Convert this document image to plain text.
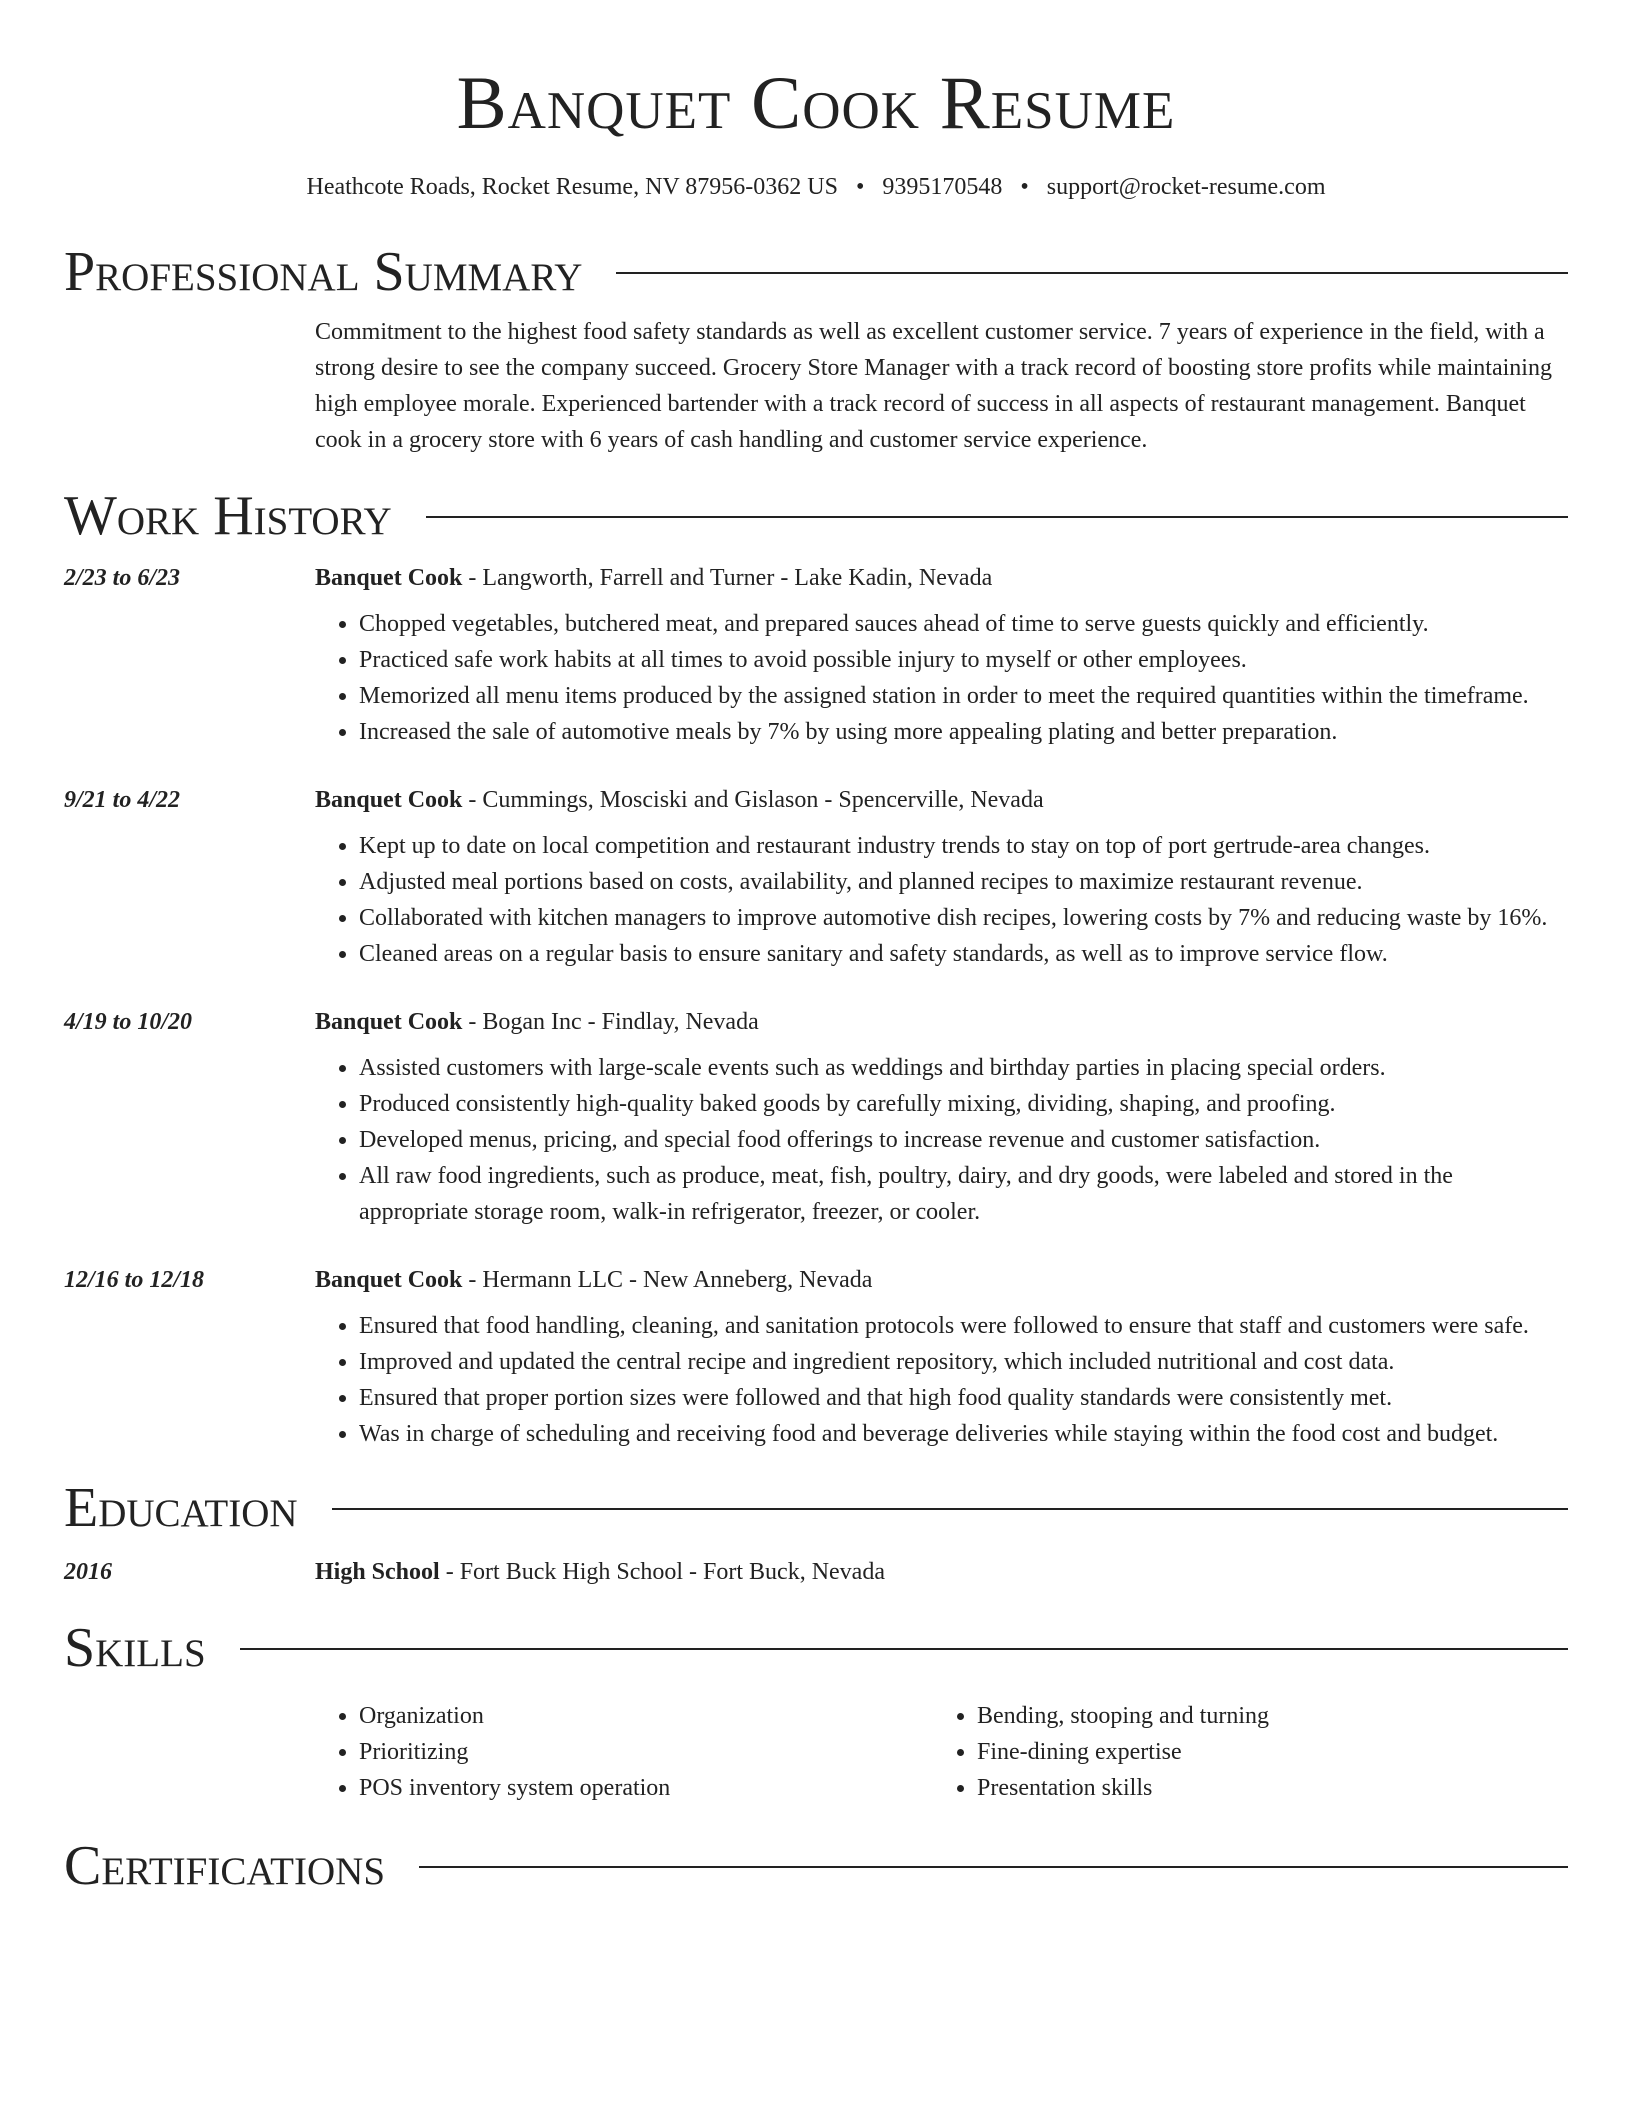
Banquet Cook Resume
Heathcote Roads, Rocket Resume, NV 87956-0362 US • 9395170548 • support@rocket-resume.com
Professional Summary

Commitment to the highest food safety standards as well as excellent customer service. 7 years of experience in the field, with a strong desire to see the company succeed. Grocery Store Manager with a track record of boosting store profits while maintaining high employee morale. Experienced bartender with a track record of success in all aspects of restaurant management. Banquet cook in a grocery store with 6 years of cash handling and customer service experience.

Work History
2/23 to 6/23	Banquet Cook - Langworth, Farrell and Turner - Lake Kadin, Nevada
• Chopped vegetables, butchered meat, and prepared sauces ahead of time to serve guests quickly and efficiently.
• Practiced safe work habits at all times to avoid possible injury to myself or other employees.
• Memorized all menu items produced by the assigned station in order to meet the required quantities within the timeframe.
• Increased the sale of automotive meals by 7% by using more appealing plating and better preparation.
9/21 to 4/22	Banquet Cook - Cummings, Mosciski and Gislason - Spencerville, Nevada
• Kept up to date on local competition and restaurant industry trends to stay on top of port gertrude-area changes.
• Adjusted meal portions based on costs, availability, and planned recipes to maximize restaurant revenue.
• Collaborated with kitchen managers to improve automotive dish recipes, lowering costs by 7% and reducing waste by 16%.
• Cleaned areas on a regular basis to ensure sanitary and safety standards, as well as to improve service flow.
4/19 to 10/20	Banquet Cook - Bogan Inc - Findlay, Nevada
• Assisted customers with large-scale events such as weddings and birthday parties in placing special orders.
• Produced consistently high-quality baked goods by carefully mixing, dividing, shaping, and proofing.
• Developed menus, pricing, and special food offerings to increase revenue and customer satisfaction.
• All raw food ingredients, such as produce, meat, fish, poultry, dairy, and dry goods, were labeled and stored in the appropriate storage room, walk-in refrigerator, freezer, or cooler.
12/16 to 12/18	Banquet Cook - Hermann LLC - New Anneberg, Nevada
• Ensured that food handling, cleaning, and sanitation protocols were followed to ensure that staff and customers were safe.
• Improved and updated the central recipe and ingredient repository, which included nutritional and cost data.
• Ensured that proper portion sizes were followed and that high food quality standards were consistently met.
• Was in charge of scheduling and receiving food and beverage deliveries while staying within the food cost and budget.
Education
2016	High School - Fort Buck High School - Fort Buck, Nevada
Skills
• Organization
• Prioritizing
• POS inventory system operation
• Bending, stooping and turning
• Fine-dining expertise
• Presentation skills
Certifications
